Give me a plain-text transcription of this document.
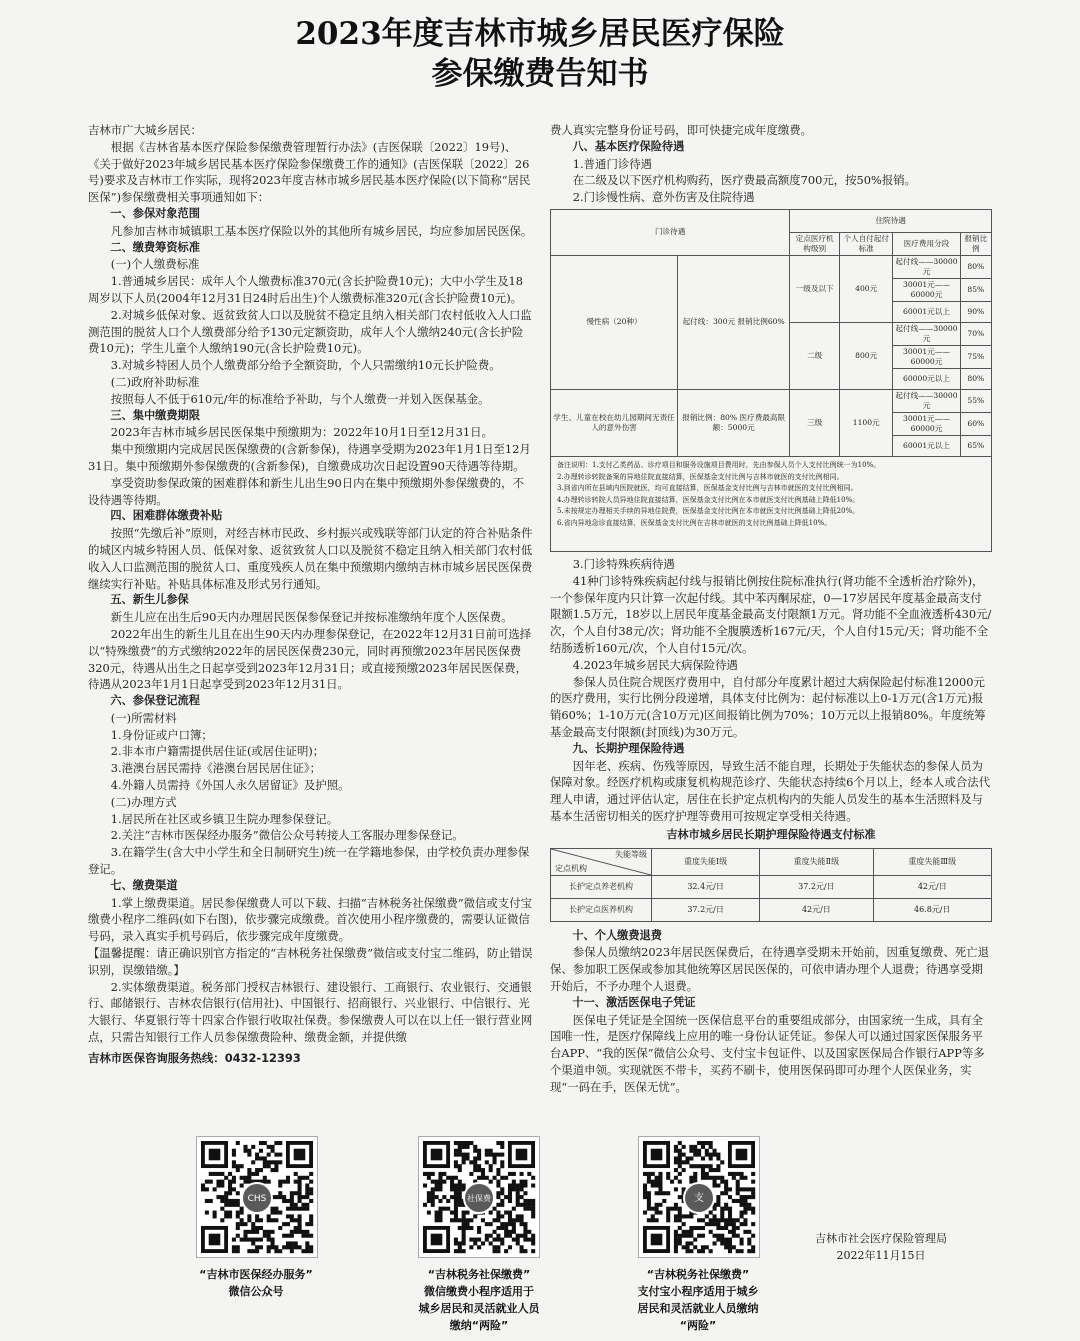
2023年度吉林市城乡居民医疗保险
参保缴费告知书

吉林市广大城乡居民：

根据《吉林省基本医疗保险参保缴费管理暂行办法》(吉医保联〔2022〕19号)、《关于做好2023年城乡居民基本医疗保险参保缴费工作的通知》(吉医保联〔2022〕26号)要求及吉林市工作实际，现将2023年度吉林市城乡居民基本医疗保险(以下简称“居民医保”)参保缴费相关事项通知如下：

一、参保对象范围

凡参加吉林市城镇职工基本医疗保险以外的其他所有城乡居民，均应参加居民医保。

二、缴费筹资标准

(一)个人缴费标准

1.普通城乡居民：成年人个人缴费标准370元(含长护险费10元)；大中小学生及18周岁以下人员(2004年12月31日24时后出生)个人缴费标准320元(含长护险费10元)。

2.对城乡低保对象、返贫致贫人口以及脱贫不稳定且纳入相关部门农村低收入人口监测范围的脱贫人口个人缴费部分给予130元定额资助，成年人个人缴纳240元(含长护险费10元)；学生儿童个人缴纳190元(含长护险费10元)。

3.对城乡特困人员个人缴费部分给予全额资助，个人只需缴纳10元长护险费。

(二)政府补助标准

按照每人不低于610元/年的标准给予补助，与个人缴费一并划入医保基金。

三、集中缴费期限

2023年吉林市城乡居民医保集中预缴期为：2022年10月1日至12月31日。

集中预缴期内完成居民医保缴费的(含新参保)，待遇享受期为2023年1月1日至12月31日。集中预缴期外参保缴费的(含新参保)，自缴费成功次日起设置90天待遇等待期。

享受资助参保政策的困难群体和新生儿出生90日内在集中预缴期外参保缴费的，不设待遇等待期。

四、困难群体缴费补贴

按照“先缴后补”原则，对经吉林市民政、乡村振兴或残联等部门认定的符合补贴条件的城区内城乡特困人员、低保对象、返贫致贫人口以及脱贫不稳定且纳入相关部门农村低收入人口监测范围的脱贫人口、重度残疾人员在集中预缴期内缴纳吉林市城乡居民医保费继续实行补贴。补贴具体标准及形式另行通知。

五、新生儿参保

新生儿应在出生后90天内办理居民医保参保登记并按标准缴纳年度个人医保费。

2022年出生的新生儿且在出生90天内办理参保登记，在2022年12月31日前可选择以“特殊缴费”的方式缴纳2022年的居民医保费230元，同时再预缴2023年居民医保费320元，待遇从出生之日起享受到2023年12月31日；或直接预缴2023年居民医保费，待遇从2023年1月1日起享受到2023年12月31日。

六、参保登记流程

(一)所需材料

1.身份证或户口簿；

2.非本市户籍需提供居住证(或居住证明)；

3.港澳台居民需持《港澳台居民居住证》；

4.外籍人员需持《外国人永久居留证》及护照。

(二)办理方式

1.居民所在社区或乡镇卫生院办理参保登记。

2.关注“吉林市医保经办服务”微信公众号转接人工客服办理参保登记。

3.在籍学生(含大中小学生和全日制研究生)统一在学籍地参保，由学校负责办理参保登记。

七、缴费渠道

1.掌上缴费渠道。居民参保缴费人可以下载、扫描“吉林税务社保缴费”微信或支付宝缴费小程序二维码(如下右图)，依步骤完成缴费。首次使用小程序缴费的，需要认证微信号码，录入真实手机号码后，依步骤完成年度缴费。

【温馨提醒：请正确识别官方指定的“吉林税务社保缴费”微信或支付宝二维码，防止错误识别，误缴错缴。】

2.实体缴费渠道。税务部门授权吉林银行、建设银行、工商银行、农业银行、交通银行、邮储银行、吉林农信银行(信用社)、中国银行、招商银行、兴业银行、中信银行、光大银行、华夏银行等十四家合作银行收取社保费。参保缴费人可以在以上任一银行营业网点，只需告知银行工作人员参保缴费险种、缴费金额，并提供缴

吉林市医保咨询服务热线：0432-12393

费人真实完整身份证号码，即可快捷完成年度缴费。

八、基本医疗保险待遇

1.普通门诊待遇

在二级及以下医疗机构购药，医疗费最高额度700元，按50%报销。

2.门诊慢性病、意外伤害及住院待遇

门诊待遇		住院待遇			
		定点医疗机构级别	个人自付起付标准	医疗费用分段	报销比例
慢性病（20种）	起付线：300元 报销比例60%	一级及以下	400元	起付线——30000元	80%
				30001元——60000元	85%
				60001元以上	90%
		二级	800元	起付线——30000元	70%
				30001元——60000元	75%
				60000元以上	80%
学生、儿童在校在幼儿园期间无责任人的意外伤害	报销比例：80% 医疗费最高限额：5000元	三级	1100元	起付线——30000元	55%
				30001元——60000元	60%
				60001元以上	65%

备注说明：1.支付乙类药品、诊疗项目和服务设施项目费用时，先由参保人员个人支付比例统一为10%。

2.办理转诊转院备案的异地住院直接结算，医保基金支付比例与吉林市就医的支付比例相同。

3.到省内所在县域内医院就医，均可直接结算，医保基金支付比例与吉林市就医的支付比例相同。

4.办理转诊转院人员异地住院直接结算，医保基金支付比例在本市就医支付比例基础上降低10%。

5.未按规定办理相关手续的异地住院费，医保基金支付比例在本市就医支付比例基础上降低20%。

6.省内异地急诊直接结算，医保基金支付比例在吉林市就医的支付比例基础上降低10%。

3.门诊特殊疾病待遇

41种门诊特殊疾病起付线与报销比例按住院标准执行(肾功能不全透析治疗除外)，一个参保年度内只计算一次起付线。其中苯丙酮尿症，0—17岁居民年度基金最高支付限额1.5万元，18岁以上居民年度基金最高支付限额1万元。肾功能不全血液透析430元/次，个人自付38元/次；肾功能不全腹膜透析167元/天，个人自付15元/天；肾功能不全结肠透析160元/次，个人自付15元/次。

4.2023年城乡居民大病保险待遇

参保人员住院合规医疗费用中，自付部分年度累计超过大病保险起付标准12000元的医疗费用，实行比例分段递增，具体支付比例为：起付标准以上0-1万元(含1万元)报销60%；1-10万元(含10万元)区间报销比例为70%；10万元以上报销80%。年度统筹基金最高支付限额(封顶线)为30万元。

九、长期护理保险待遇

因年老、疾病、伤残等原因，导致生活不能自理，长期处于失能状态的参保人员为保障对象。经医疗机构或康复机构规范诊疗、失能状态持续6个月以上，经本人或合法代理人申请，通过评估认定，居住在长护定点机构内的失能人员发生的基本生活照料及与基本生活密切相关的医疗护理等费用可按规定享受相关待遇。

吉林市城乡居民长期护理保险待遇支付标准

失能等级
定点机构	重度失能Ⅰ级	重度失能Ⅱ级	重度失能Ⅲ级
长护定点养老机构	32.4元/日	37.2元/日	42元/日
长护定点医养机构	37.2元/日	42元/日	46.8元/日

十、个人缴费退费

参保人员缴纳2023年居民医保费后，在待遇享受期未开始前，因重复缴费、死亡退保、参加职工医保或参加其他统筹区居民医保的，可依申请办理个人退费；待遇享受期开始后，不予办理个人退费。

十一、激活医保电子凭证

医保电子凭证是全国统一医保信息平台的重要组成部分，由国家统一生成，具有全国唯一性，是医疗保障线上应用的唯一身份认证凭证。参保人可以通过国家医保服务平台APP、“我的医保”微信公众号、支付宝卡包证件、以及国家医保局合作银行APP等多个渠道申领。实现就医不带卡，买药不刷卡，使用医保码即可办理个人医保业务，实现“一码在手，医保无忧”。

CHS	社保费	支
“吉林市医保经办服务”
微信公众号
“吉林税务社保缴费”
微信缴费小程序适用于
城乡居民和灵活就业人员
缴纳“两险”
“吉林税务社保缴费”
支付宝小程序适用于城乡
居民和灵活就业人员缴纳
“两险”
吉林市社会医疗保险管理局
2022年11月15日
